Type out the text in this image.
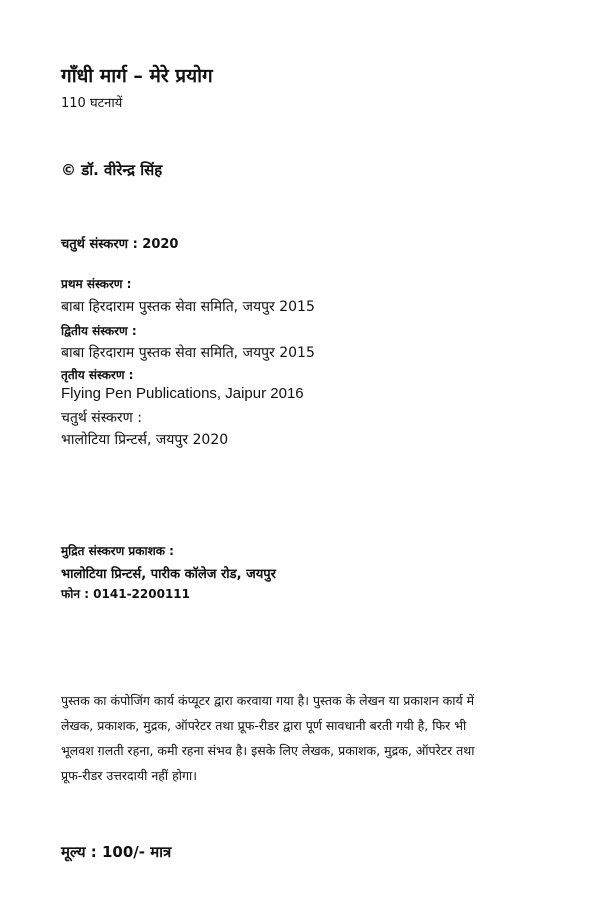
गाँधी मार्ग – मेरे प्रयोग
110 घटनायें
© डॉ. वीरेन्द्र सिंह
चतुर्थ संस्करण : 2020
प्रथम संस्करण :
बाबा हिरदाराम पुस्तक सेवा समिति, जयपुर 2015
द्वितीय संस्करण :
बाबा हिरदाराम पुस्तक सेवा समिति, जयपुर 2015
तृतीय संस्करण :
Flying Pen Publications, Jaipur 2016
चतुर्थ संस्करण :
भालोटिया प्रिन्टर्स, जयपुर 2020
मुद्रित संस्करण प्रकाशक :
भालोटिया प्रिन्टर्स, पारीक कॉलेज रोड, जयपुर
फोन : 0141-2200111
पुस्तक का कंपोजिंग कार्य कंप्यूटर द्वारा करवाया गया है। पुस्तक के लेखन या प्रकाशन कार्य में
लेखक, प्रकाशक, मुद्रक, ऑपरेटर तथा प्रूफ-रीडर द्वारा पूर्ण सावधानी बरती गयी है, फिर भी
भूलवश ग़लती रहना, कमी रहना संभव है। इसके लिए लेखक, प्रकाशक, मुद्रक, ऑपरेटर तथा
प्रूफ-रीडर उत्तरदायी नहीं होगा।
मूल्य : 100/- मात्र
